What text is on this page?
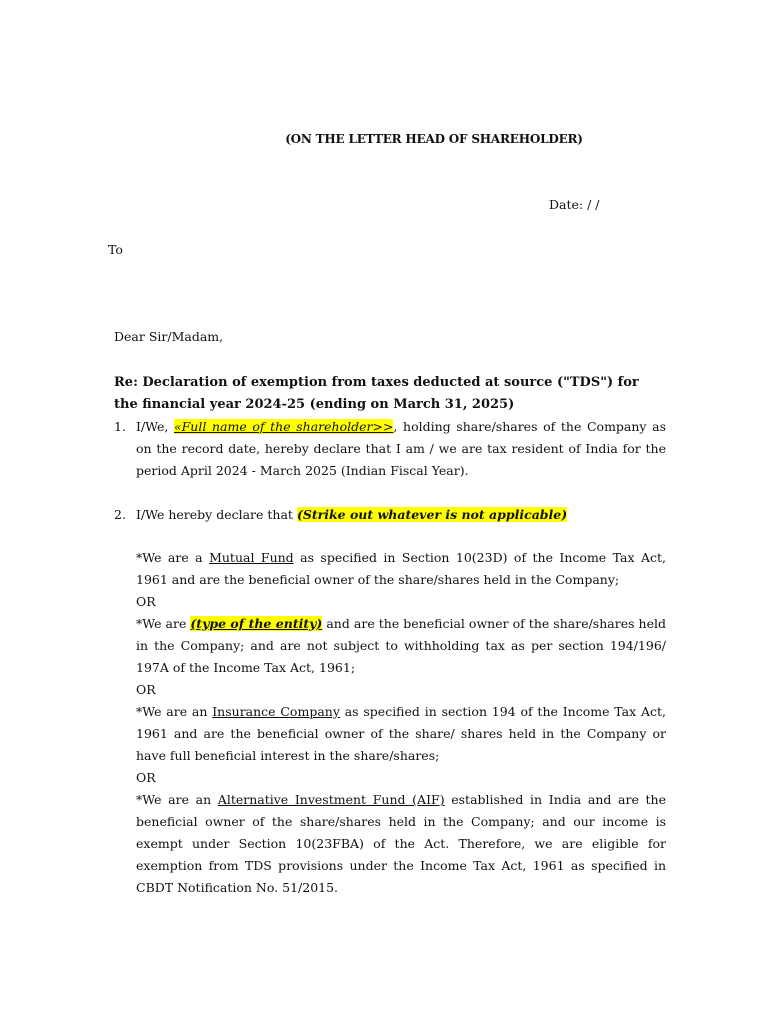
(ON THE LETTER HEAD OF SHAREHOLDER)
Date: / /
To
Dear Sir/Madam,
Re: Declaration of exemption from taxes deducted at source ("TDS") for the financial year 2024-25 (ending on March 31, 2025)
1. I/We, «Full name of the shareholder>>, holding share/shares of the Company as on the record date, hereby declare that I am / we are tax resident of India for the period April 2024 - March 2025 (Indian Fiscal Year).
2. I/We hereby declare that (Strike out whatever is not applicable)

*We are a Mutual Fund as specified in Section 10(23D) of the Income Tax Act, 1961 and are the beneficial owner of the share/shares held in the Company;

OR

*We are (type of the entity) and are the beneficial owner of the share/shares held in the Company; and are not subject to withholding tax as per section 194/196/ 197A of the Income Tax Act, 1961;

OR

*We are an Insurance Company as specified in section 194 of the Income Tax Act, 1961 and are the beneficial owner of the share/ shares held in the Company or have full beneficial interest in the share/shares;

OR

*We are an Alternative Investment Fund (AIF) established in India and are the beneficial owner of the share/shares held in the Company; and our income is exempt under Section 10(23FBA) of the Act. Therefore, we are eligible for exemption from TDS provisions under the Income Tax Act, 1961 as specified in CBDT Notification No. 51/2015.
